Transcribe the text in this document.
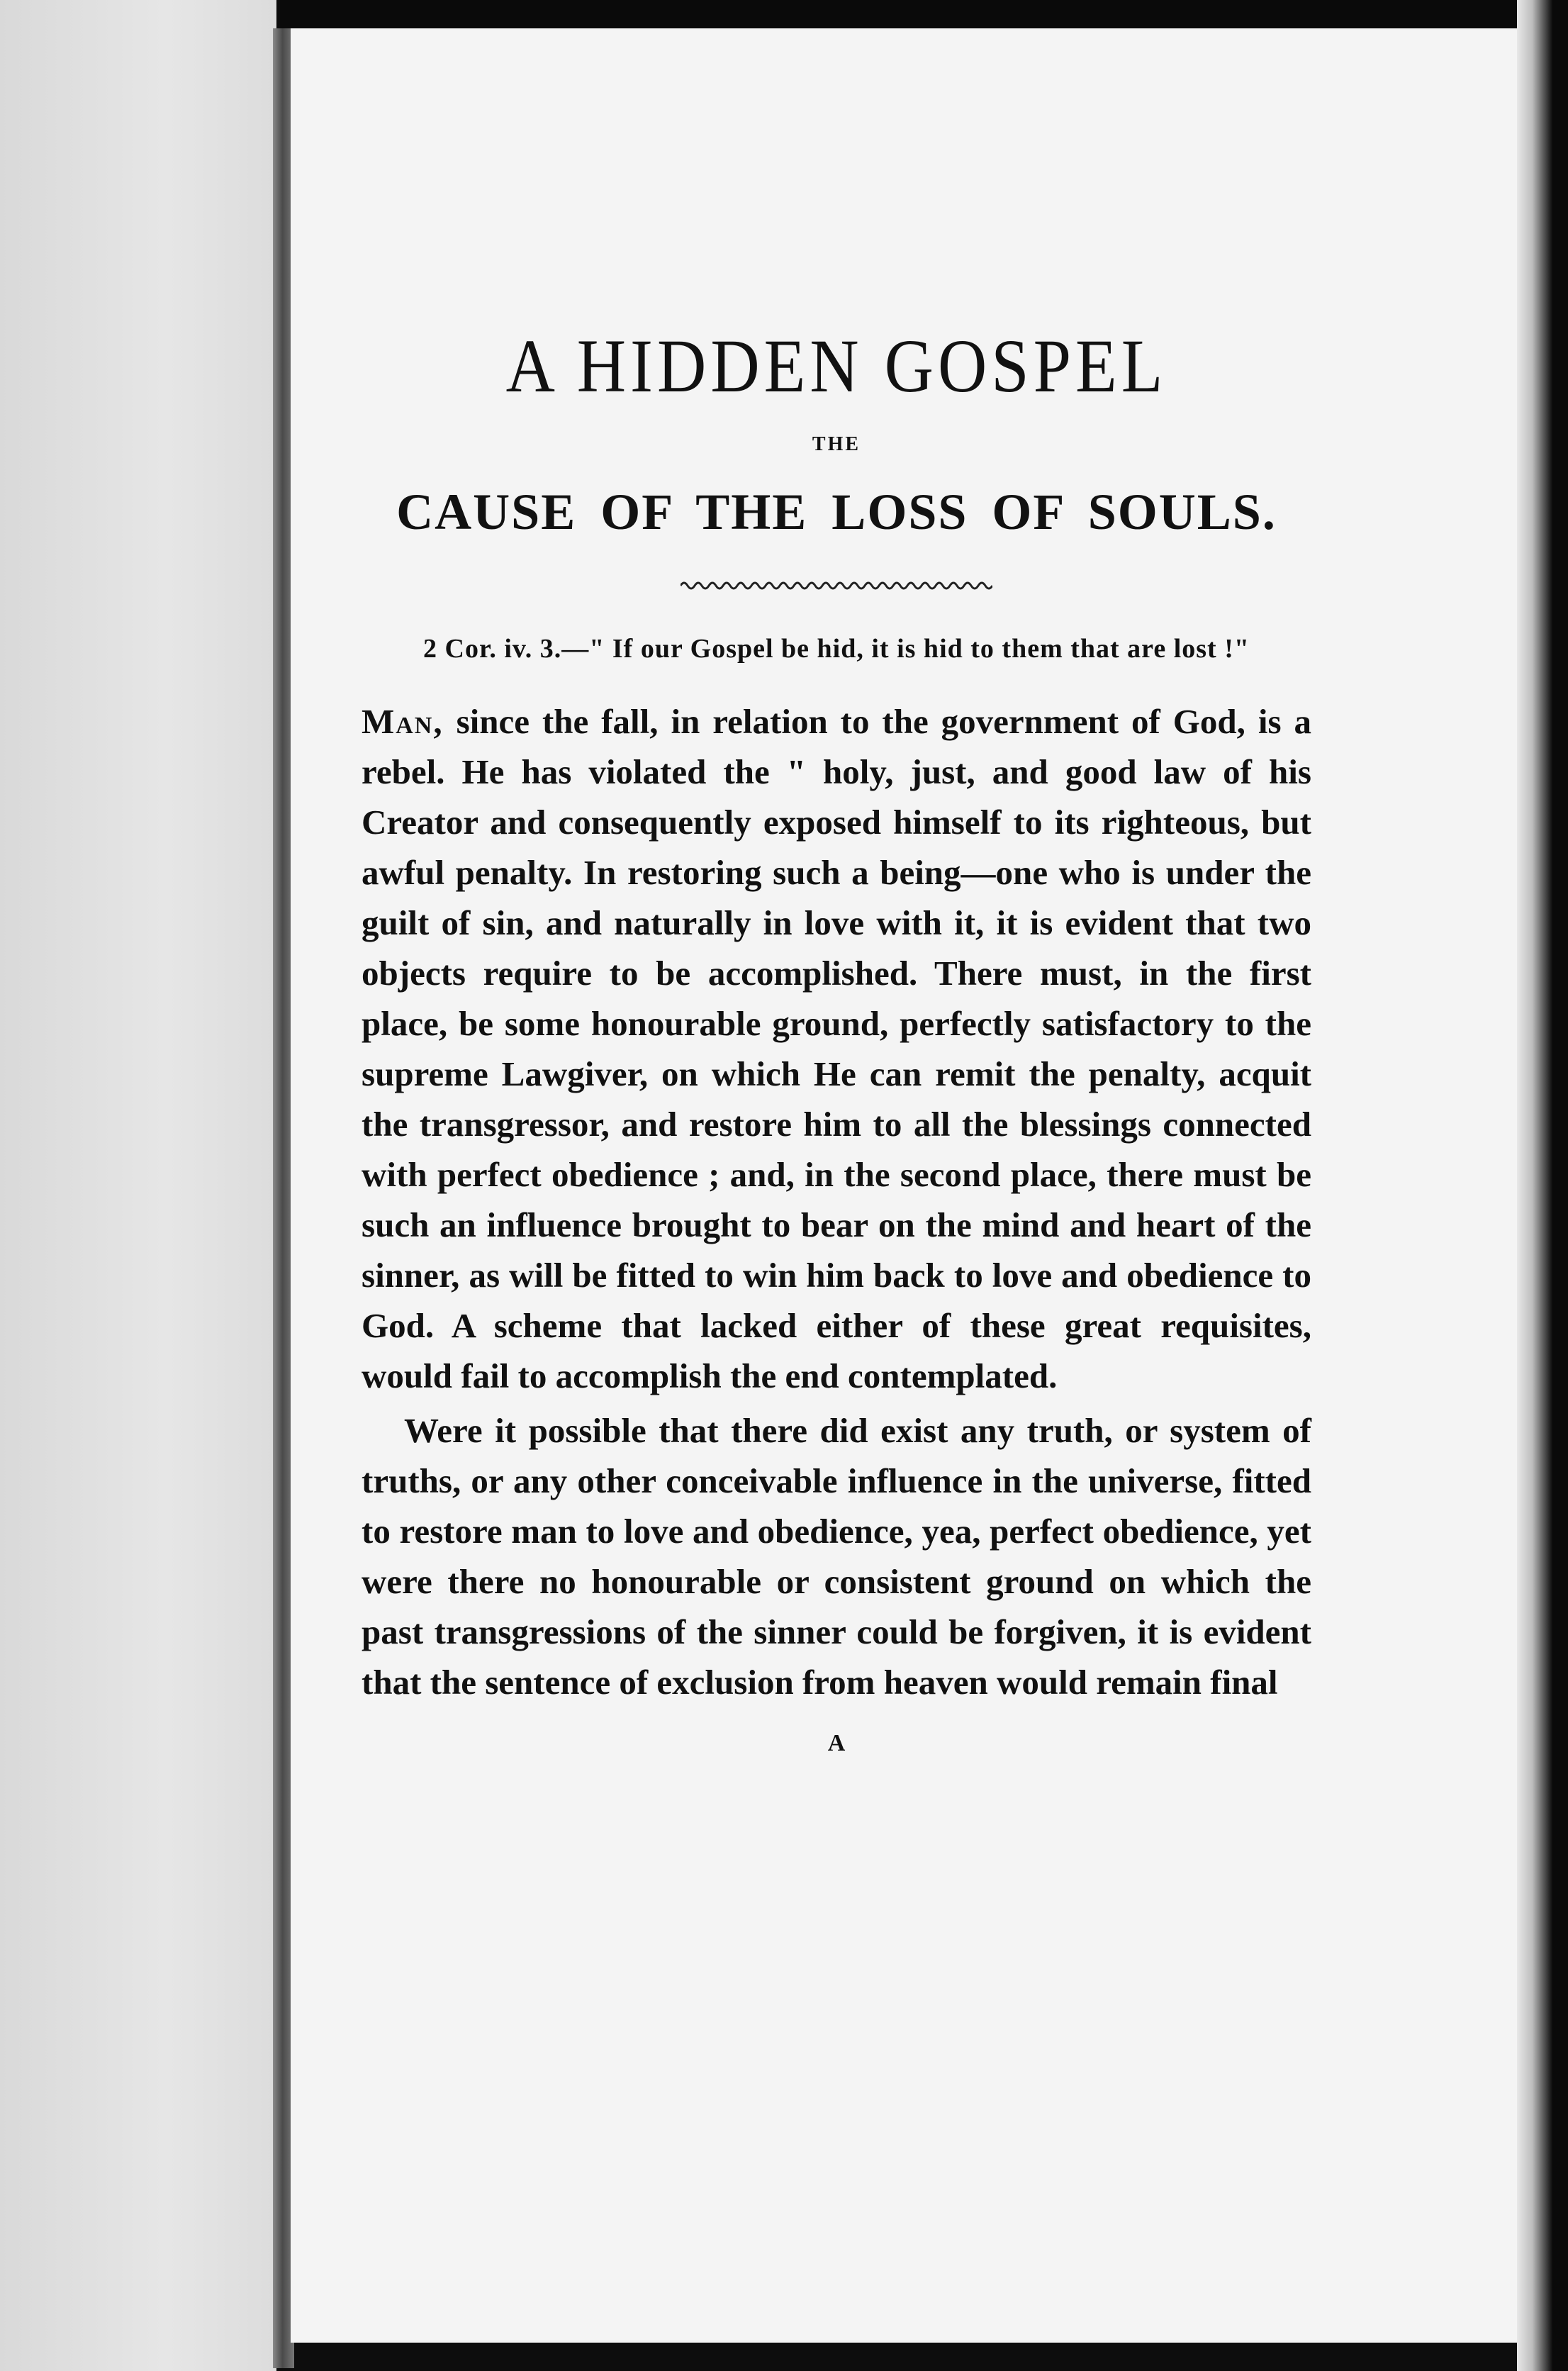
A HIDDEN GOSPEL
THE
CAUSE OF THE LOSS OF SOULS.

2 Cor. iv. 3.—" If our Gospel be hid, it is hid to them that are lost !"

Man, since the fall, in relation to the government of God, is a rebel. He has violated the " holy, just, and good law of his Creator and consequently exposed himself to its righteous, but awful penalty. In restoring such a being—one who is under the guilt of sin, and naturally in love with it, it is evident that two objects require to be accomplished. There must, in the first place, be some honourable ground, perfectly satisfactory to the supreme Lawgiver, on which He can remit the penalty, acquit the transgressor, and restore him to all the blessings connected with perfect obedience ; and, in the second place, there must be such an influence brought to bear on the mind and heart of the sinner, as will be fitted to win him back to love and obedience to God. A scheme that lacked either of these great requisites, would fail to accomplish the end contemplated.

Were it possible that there did exist any truth, or system of truths, or any other conceivable influence in the universe, fitted to restore man to love and obedience, yea, perfect obedience, yet were there no honourable or consistent ground on which the past transgressions of the sinner could be forgiven, it is evident that the sentence of exclusion from heaven would remain final

A
